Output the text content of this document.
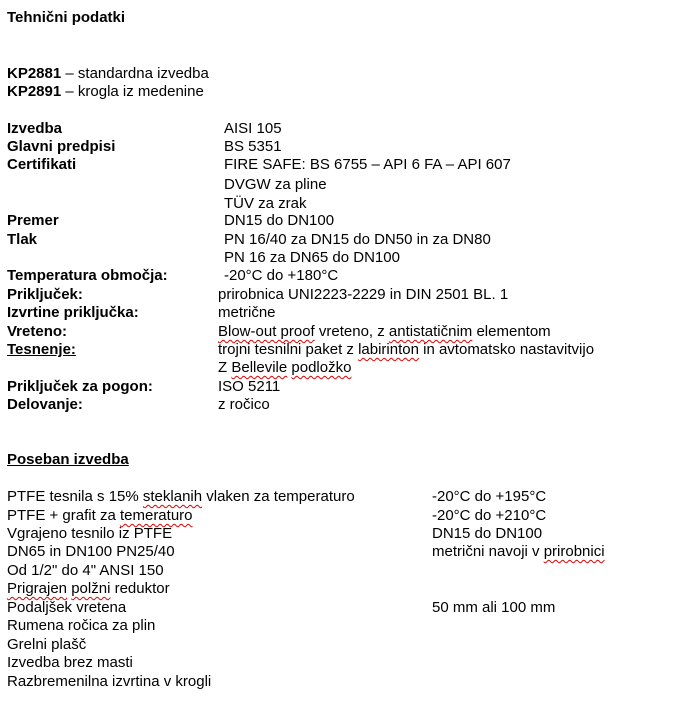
Tehnični podatki
KP2881 – standardna izvedba
KP2891 – krogla iz medenine
Izvedba	AISI 105
Glavni predpisi	BS 5351
Certifikati	FIRE SAFE: BS 6755 – API 6 FA – API 607
DVGW za pline
TÜV za zrak
Premer	DN15 do DN100
Tlak	PN 16/40 za DN15 do DN50 in za DN80
PN 16 za DN65 do DN100
Temperatura območja:	-20°C do +180°C
Priključek:	prirobnica UNI2223-2229 in DIN 2501 BL. 1
Izvrtine priključka:	metrične
Vreteno:	Blow-out proof vreteno, z antistatičnim elementom
Tesnenje:	trojni tesnilni paket z labirinton in avtomatsko nastavitvijo
Z Bellevile podložko
Priključek za pogon:	ISO 5211
Delovanje:	z ročico
Poseban izvedba
PTFE tesnila s 15% steklanih vlaken za temperaturo	-20°C do +195°C
PTFE + grafit za temeraturo	-20°C do +210°C
Vgrajeno tesnilo iz PTFE	DN15 do DN100
DN65 in DN100 PN25/40	metrični navoji v prirobnici
Od 1/2" do 4" ANSI 150
Prigrajen polžni reduktor
Podaljšek vretena	50 mm ali 100 mm
Rumena ročica za plin
Grelni plašč
Izvedba brez masti
Razbremenilna izvrtina v krogli
